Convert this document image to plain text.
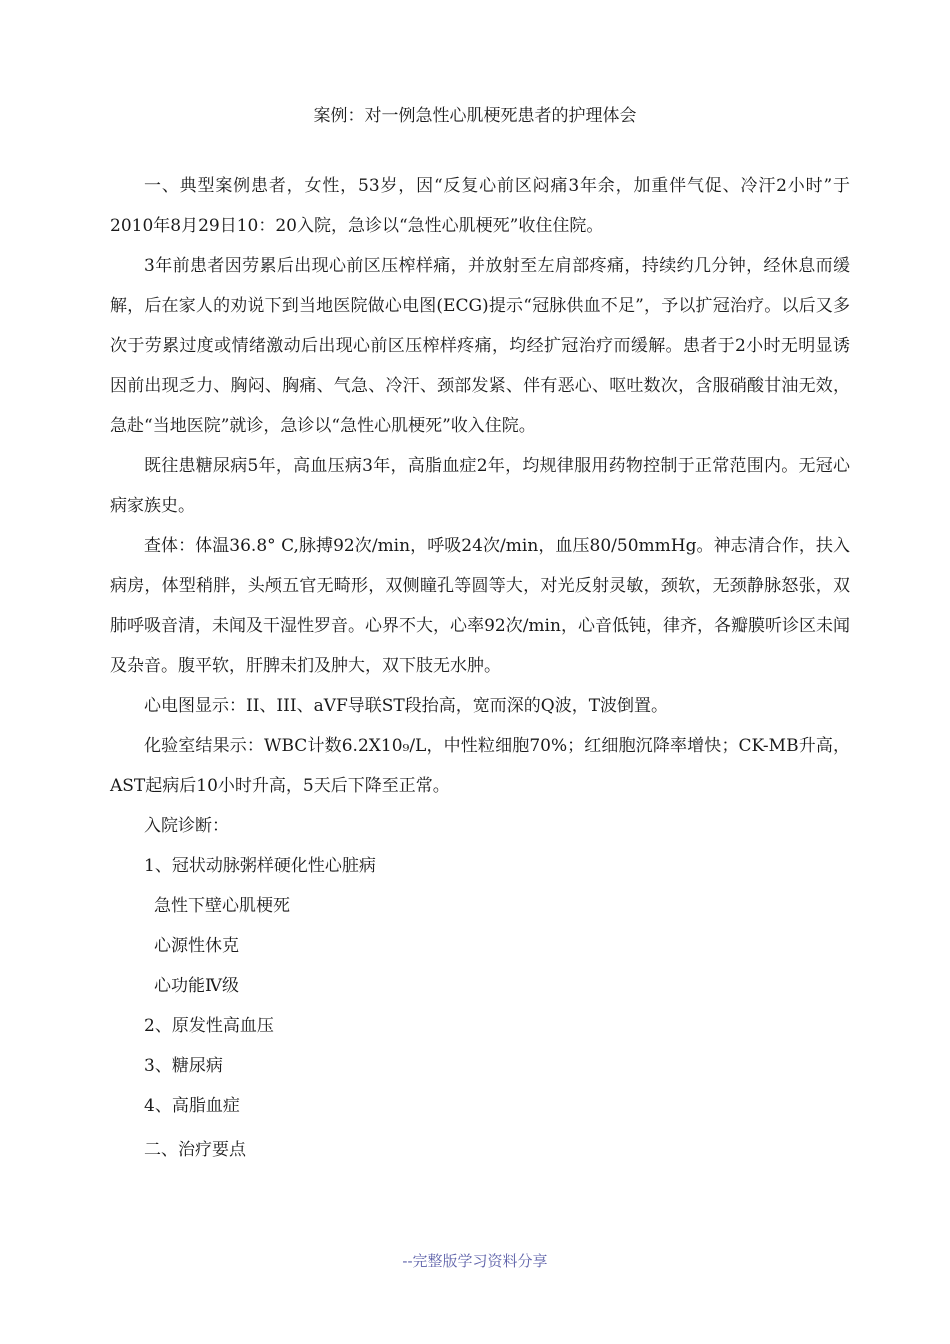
案例：对一例急性心肌梗死患者的护理体会

一、典型案例患者，女性，53岁，因“反复心前区闷痛3年余，加重伴气促、冷汗2小时”于2010年8月29日10：20入院，急诊以“急性心肌梗死”收住住院。

3年前患者因劳累后出现心前区压榨样痛，并放射至左肩部疼痛，持续约几分钟，经休息而缓解，后在家人的劝说下到当地医院做心电图(ECG)提示“冠脉供血不足”，予以扩冠治疗。以后又多次于劳累过度或情绪激动后出现心前区压榨样疼痛，均经扩冠治疗而缓解。患者于2小时无明显诱因前出现乏力、胸闷、胸痛、气急、冷汗、颈部发紧、伴有恶心、呕吐数次，含服硝酸甘油无效，急赴“当地医院”就诊，急诊以“急性心肌梗死”收入住院。

既往患糖尿病5年，高血压病3年，高脂血症2年，均规律服用药物控制于正常范围内。无冠心病家族史。

查体：体温36.8° C,脉搏92次/min，呼吸24次/min，血压80/50mmHg。神志清合作，扶入病房，体型稍胖，头颅五官无畸形，双侧瞳孔等圆等大，对光反射灵敏，颈软，无颈静脉怒张，双肺呼吸音清，未闻及干湿性罗音。心界不大，心率92次/min，心音低钝，律齐，各瓣膜听诊区未闻及杂音。腹平软，肝脾未扪及肿大，双下肢无水肿。

心电图显示：II、III、aVF导联ST段抬高，宽而深的Q波，T波倒置。

化验室结果示：WBC计数6.2X10₉/L，中性粒细胞70%；红细胞沉降率增快；CK-MB升高，AST起病后10小时升高，5天后下降至正常。

入院诊断：

1、冠状动脉粥样硬化性心脏病

急性下壁心肌梗死

心源性休克

心功能Ⅳ级

2、原发性高血压

3、糖尿病

4、高脂血症

二、治疗要点

--完整版学习资料分享
